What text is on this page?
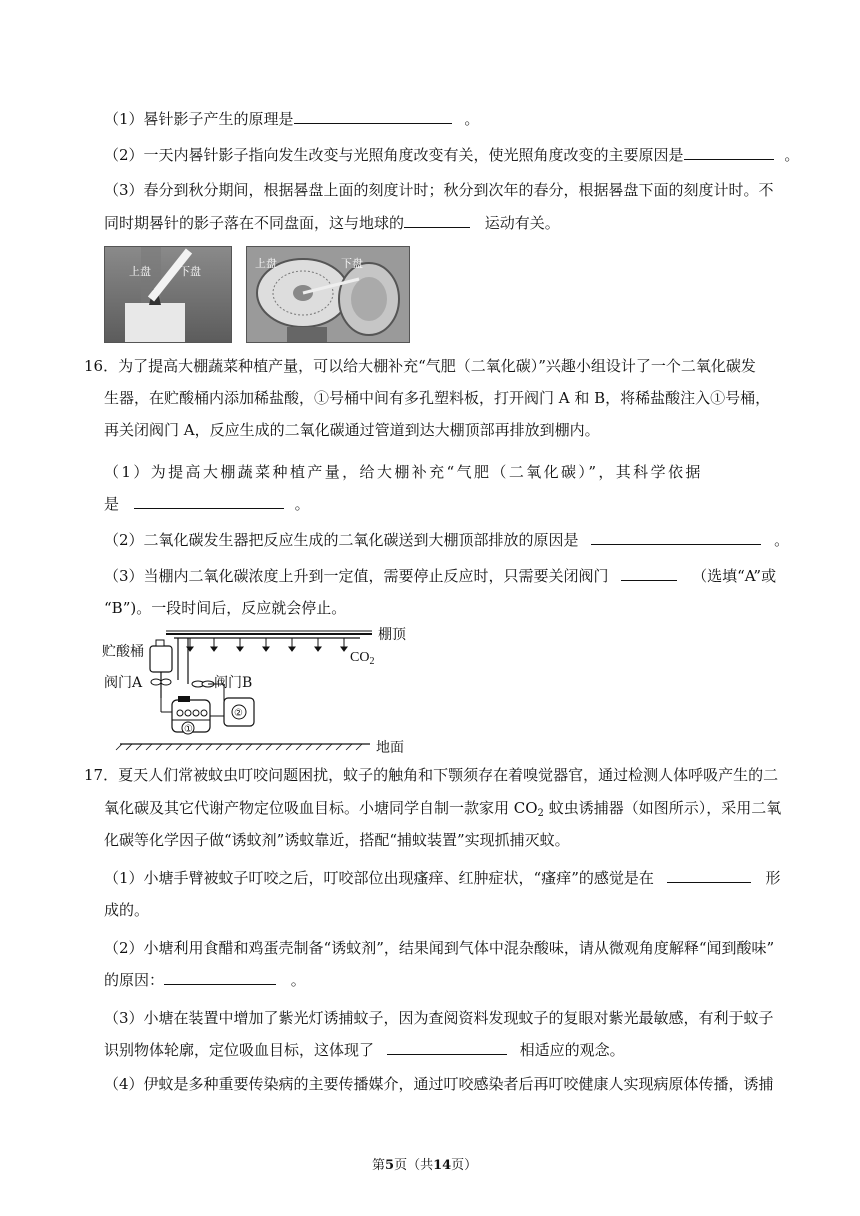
（1）晷针影子产生的原理是	。
（2）一天内晷针影子指向发生改变与光照角度改变有关，使光照角度改变的主要原因是	。
（3）春分到秋分期间，根据晷盘上面的刻度计时；秋分到次年的春分，根据晷盘下面的刻度计时。不
同时期晷针的影子落在不同盘面，这与地球的	运动有关。
上盘	下盘
上盘	下盘
16．为了提高大棚蔬菜种植产量，可以给大棚补充“气肥（二氧化碳）”兴趣小组设计了一个二氧化碳发
生器，在贮酸桶内添加稀盐酸，①号桶中间有多孔塑料板，打开阀门 A 和 B，将稀盐酸注入①号桶，
再关闭阀门 A，反应生成的二氧化碳通过管道到达大棚顶部再排放到棚内。
（1）为提高大棚蔬菜种植产量，给大棚补充“气肥（二氧化碳）”，其科学依据
是	。
（2）二氧化碳发生器把反应生成的二氧化碳送到大棚顶部排放的原因是	。
（3）当棚内二氧化碳浓度上升到一定值，需要停止反应时，只需要关闭阀门	（选填“A”或
“B”)。一段时间后，反应就会停止。
①
②
棚顶
$CO_2$
贮酸桶
阀门A	阀门B
地面
17．夏天人们常被蚊虫叮咬问题困扰，蚊子的触角和下颚须存在着嗅觉器官，通过检测人体呼吸产生的二
氧化碳及其它代谢产物定位吸血目标。小塘同学自制一款家用 $CO_2$ 蚊虫诱捕器（如图所示），采用二氧
化碳等化学因子做“诱蚊剂”诱蚊靠近，搭配“捕蚊装置”实现抓捕灭蚊。
（1）小塘手臂被蚊子叮咬之后，叮咬部位出现瘙痒、红肿症状，“瘙痒”的感觉是在	形
成的。
（2）小塘利用食醋和鸡蛋壳制备“诱蚊剂”，结果闻到气体中混杂酸味，请从微观角度解释“闻到酸味”
的原因：	。
（3）小塘在装置中增加了紫光灯诱捕蚊子，因为查阅资料发现蚊子的复眼对紫光最敏感，有利于蚊子
识别物体轮廓，定位吸血目标，这体现了	相适应的观念。
（4）伊蚊是多种重要传染病的主要传播媒介，通过叮咬感染者后再叮咬健康人实现病原体传播，诱捕
第5页（共14页）
